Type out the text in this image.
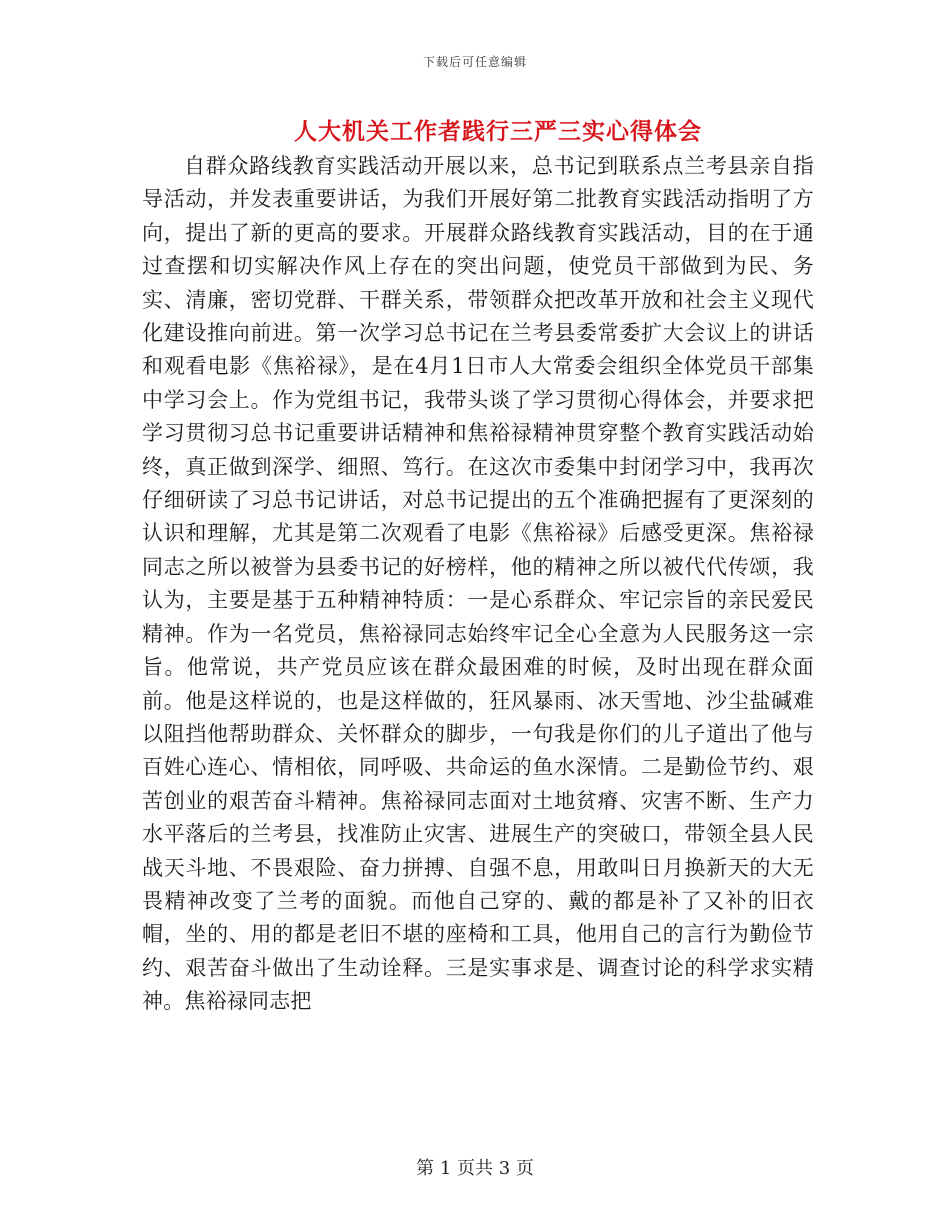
下载后可任意编辑
人大机关工作者践行三严三实心得体会

自群众路线教育实践活动开展以来，总书记到联系点兰考县亲自指导活动，并发表重要讲话，为我们开展好第二批教育实践活动指明了方向，提出了新的更高的要求。开展群众路线教育实践活动，目的在于通过查摆和切实解决作风上存在的突出问题，使党员干部做到为民、务实、清廉，密切党群、干群关系，带领群众把改革开放和社会主义现代化建设推向前进。第一次学习总书记在兰考县委常委扩大会议上的讲话和观看电影《焦裕禄》，是在4月1日市人大常委会组织全体党员干部集中学习会上。作为党组书记，我带头谈了学习贯彻心得体会，并要求把学习贯彻习总书记重要讲话精神和焦裕禄精神贯穿整个教育实践活动始终，真正做到深学、细照、笃行。在这次市委集中封闭学习中，我再次仔细研读了习总书记讲话，对总书记提出的五个准确把握有了更深刻的认识和理解，尤其是第二次观看了电影《焦裕禄》后感受更深。焦裕禄同志之所以被誉为县委书记的好榜样，他的精神之所以被代代传颂，我认为，主要是基于五种精神特质：一是心系群众、牢记宗旨的亲民爱民精神。作为一名党员，焦裕禄同志始终牢记全心全意为人民服务这一宗旨。他常说，共产党员应该在群众最困难的时候，及时出现在群众面前。他是这样说的，也是这样做的，狂风暴雨、冰天雪地、沙尘盐碱难以阻挡他帮助群众、关怀群众的脚步，一句我是你们的儿子道出了他与百姓心连心、情相依，同呼吸、共命运的鱼水深情。二是勤俭节约、艰苦创业的艰苦奋斗精神。焦裕禄同志面对土地贫瘠、灾害不断、生产力水平落后的兰考县，找准防止灾害、进展生产的突破口，带领全县人民战天斗地、不畏艰险、奋力拼搏、自强不息，用敢叫日月换新天的大无畏精神改变了兰考的面貌。而他自己穿的、戴的都是补了又补的旧衣帽，坐的、用的都是老旧不堪的座椅和工具，他用自己的言行为勤俭节约、艰苦奋斗做出了生动诠释。三是实事求是、调查讨论的科学求实精神。焦裕禄同志把

第 1 页共 3 页
